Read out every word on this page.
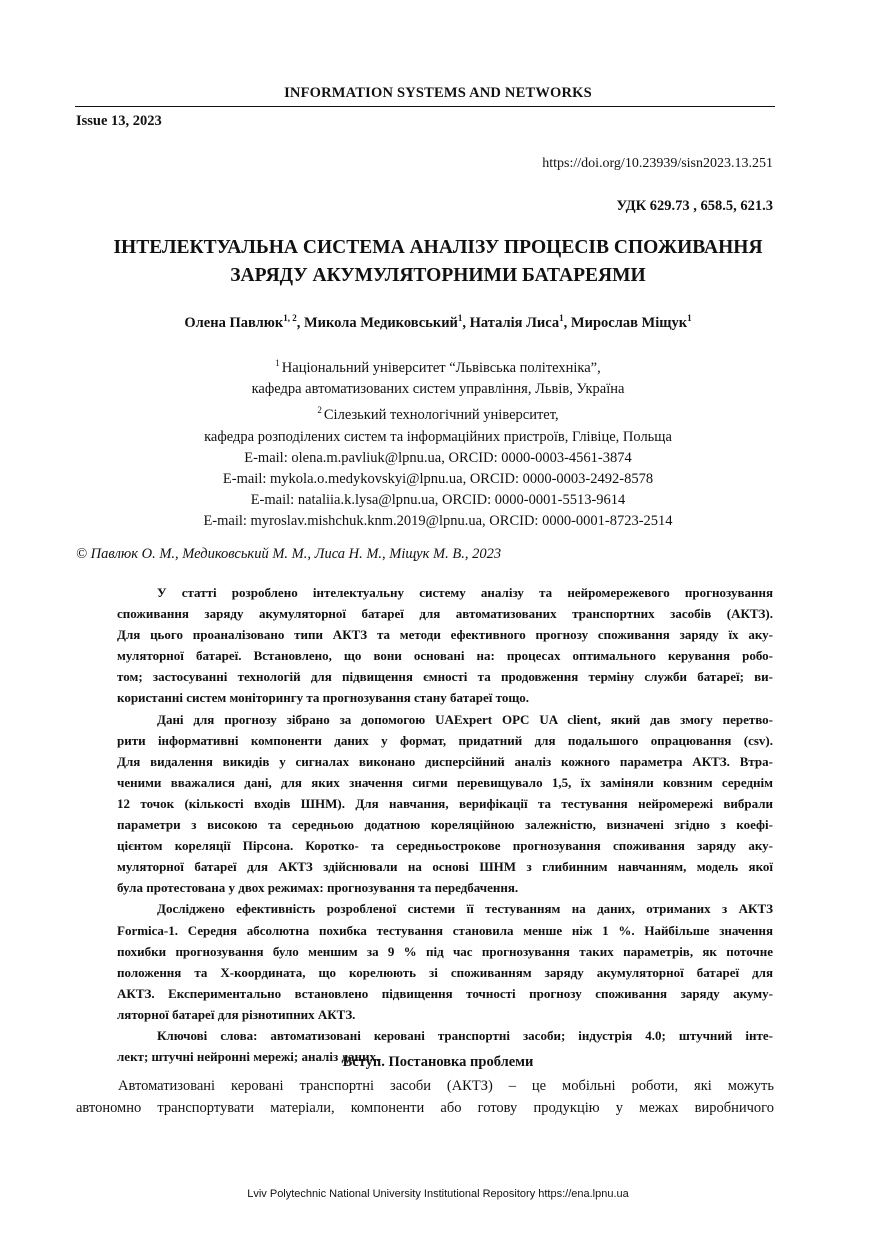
INFORMATION SYSTEMS AND NETWORKS
Issue 13, 2023
https://doi.org/10.23939/sisn2023.13.251
УДК 629.73 , 658.5, 621.3
ІНТЕЛЕКТУАЛЬНА СИСТЕМА АНАЛІЗУ ПРОЦЕСІВ СПОЖИВАННЯ
ЗАРЯДУ АКУМУЛЯТОРНИМИ БАТАРЕЯМИ
Олена Павлюк$^{1, 2}$, Микола Медиковський$^1$, Наталія Лиса$^1$, Мирослав Міщук$^1$
$^1$ Національний університет “Львівська політехніка”,
кафедра автоматизованих систем управління, Львів, Україна
$^2$ Сілезький технологічний університет,
кафедра розподілених систем та інформаційних пристроїв, Глівіце, Польща
E-mail: olena.m.pavliuk@lpnu.ua, ORCID: 0000-0003-4561-3874
E-mail: mykola.o.medykovskyi@lpnu.ua, ORCID: 0000-0003-2492-8578
E-mail: nataliia.k.lysa@lpnu.ua, ORCID: 0000-0001-5513-9614
E-mail: myroslav.mishchuk.knm.2019@lpnu.ua, ORCID: 0000-0001-8723-2514
© Павлюк О. М., Медиковський М. М., Лиса Н. М., Міщук М. В., 2023
У статті розроблено інтелектуальну систему аналізу та нейромережевого прогнозування
споживання заряду акумуляторної батареї для автоматизованих транспортних засобів (АКТЗ).
Для цього проаналізовано типи АКТЗ та методи ефективного прогнозу споживання заряду їх аку-
муляторної батареї. Встановлено, що вони основані на: процесах оптимального керування робо-
том; застосуванні технологій для підвищення ємності та продовження терміну служби батареї; ви-
користанні систем моніторингу та прогнозування стану батареї тощо.
Дані для прогнозу зібрано за допомогою UAExpert OPC UA client, який дав змогу перетво-
рити інформативні компоненти даних у формат, придатний для подальшого опрацювання (csv).
Для видалення викидів у сигналах виконано дисперсійний аналіз кожного параметра АКТЗ. Втра-
ченими вважалися дані, для яких значення сигми перевищувало 1,5, їх заміняли ковзним середнім
12 точок (кількості входів ШНМ). Для навчання, верифікації та тестування нейромережі вибрали
параметри з високою та середньою додатною кореляційною залежністю, визначені згідно з коефі-
цієнтом кореляції Пірсона. Коротко- та середньострокове прогнозування споживання заряду аку-
муляторної батареї для АКТЗ здійснювали на основі ШНМ з глибинним навчанням, модель якої
була протестована у двох режимах: прогнозування та передбачення.
Досліджено ефективність розробленої системи її тестуванням на даних, отриманих з АКТЗ
Formica-1. Середня абсолютна похибка тестування становила менше ніж 1 %. Найбільше значення
похибки прогнозування було меншим за 9 % під час прогнозування таких параметрів, як поточне
положення та X-координата, що корелюють зі споживанням заряду акумуляторної батареї для
АКТЗ. Експериментально встановлено підвищення точності прогнозу споживання заряду акуму-
ляторної батареї для різнотипних АКТЗ.
Ключові слова: автоматизовані керовані транспортні засоби; індустрія 4.0; штучний інте-
лект; штучні нейронні мережі; аналіз даних.
Вступ. Постановка проблеми
Автоматизовані керовані транспортні засоби (АКТЗ) – це мобільні роботи, які можуть
автономно транспортувати матеріали, компоненти або готову продукцію у межах виробничого
Lviv Polytechnic National University Institutional Repository https://ena.lpnu.ua
